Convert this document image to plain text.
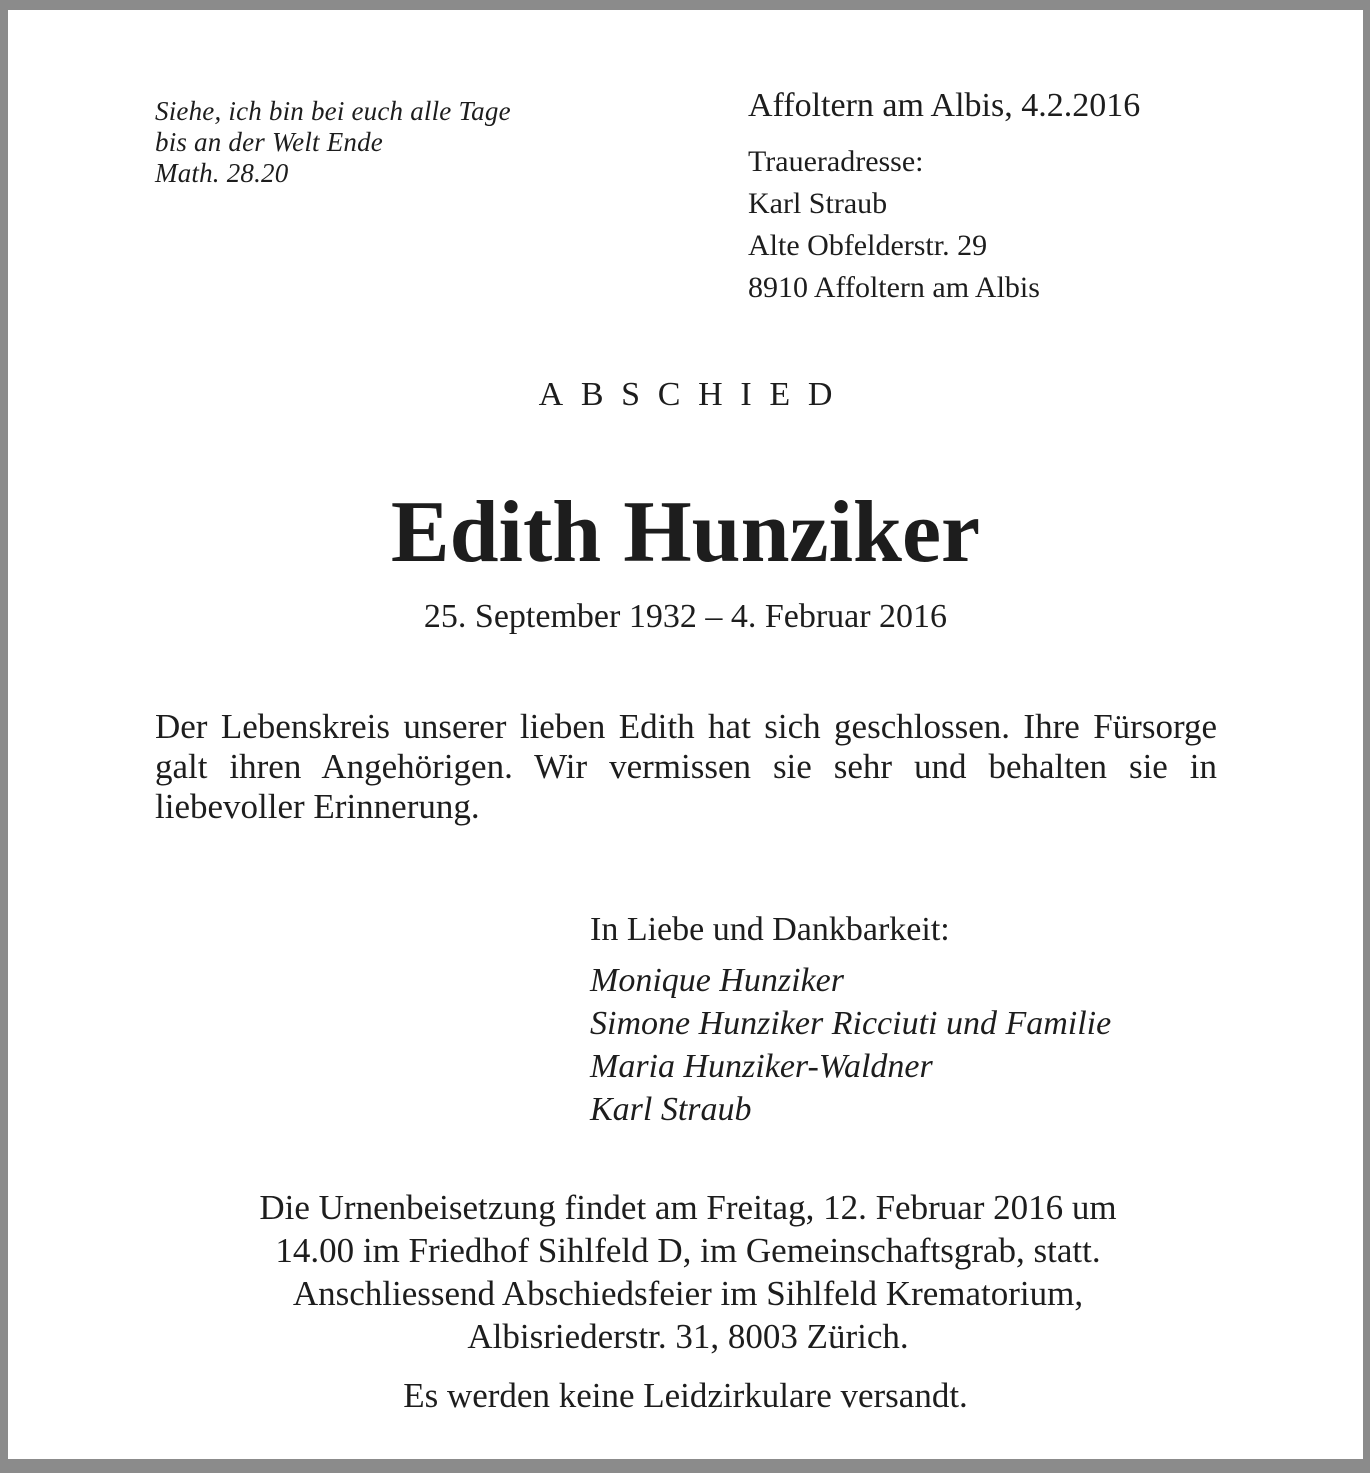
Siehe, ich bin bei euch alle Tage
bis an der Welt Ende
Math. 28.20
Affoltern am Albis, 4.2.2016
Traueradresse:
Karl Straub
Alte Obfelderstr. 29
8910 Affoltern am Albis
ABSCHIED
Edith Hunziker
25. September 1932 – 4. Februar 2016
Der Lebenskreis unserer lieben Edith hat sich geschlossen. Ihre Fürsorge galt ihren Angehörigen. Wir vermissen sie sehr und behalten sie in liebevoller Erinnerung.
In Liebe und Dankbarkeit:
Monique Hunziker
Simone Hunziker Ricciuti und Familie
Maria Hunziker-Waldner
Karl Straub
Die Urnenbeisetzung findet am Freitag, 12. Februar 2016 um
14.00 im Friedhof Sihlfeld D, im Gemeinschaftsgrab, statt.
Anschliessend Abschiedsfeier im Sihlfeld Krematorium,
Albisriederstr. 31, 8003 Zürich.
Es werden keine Leidzirkulare versandt.
